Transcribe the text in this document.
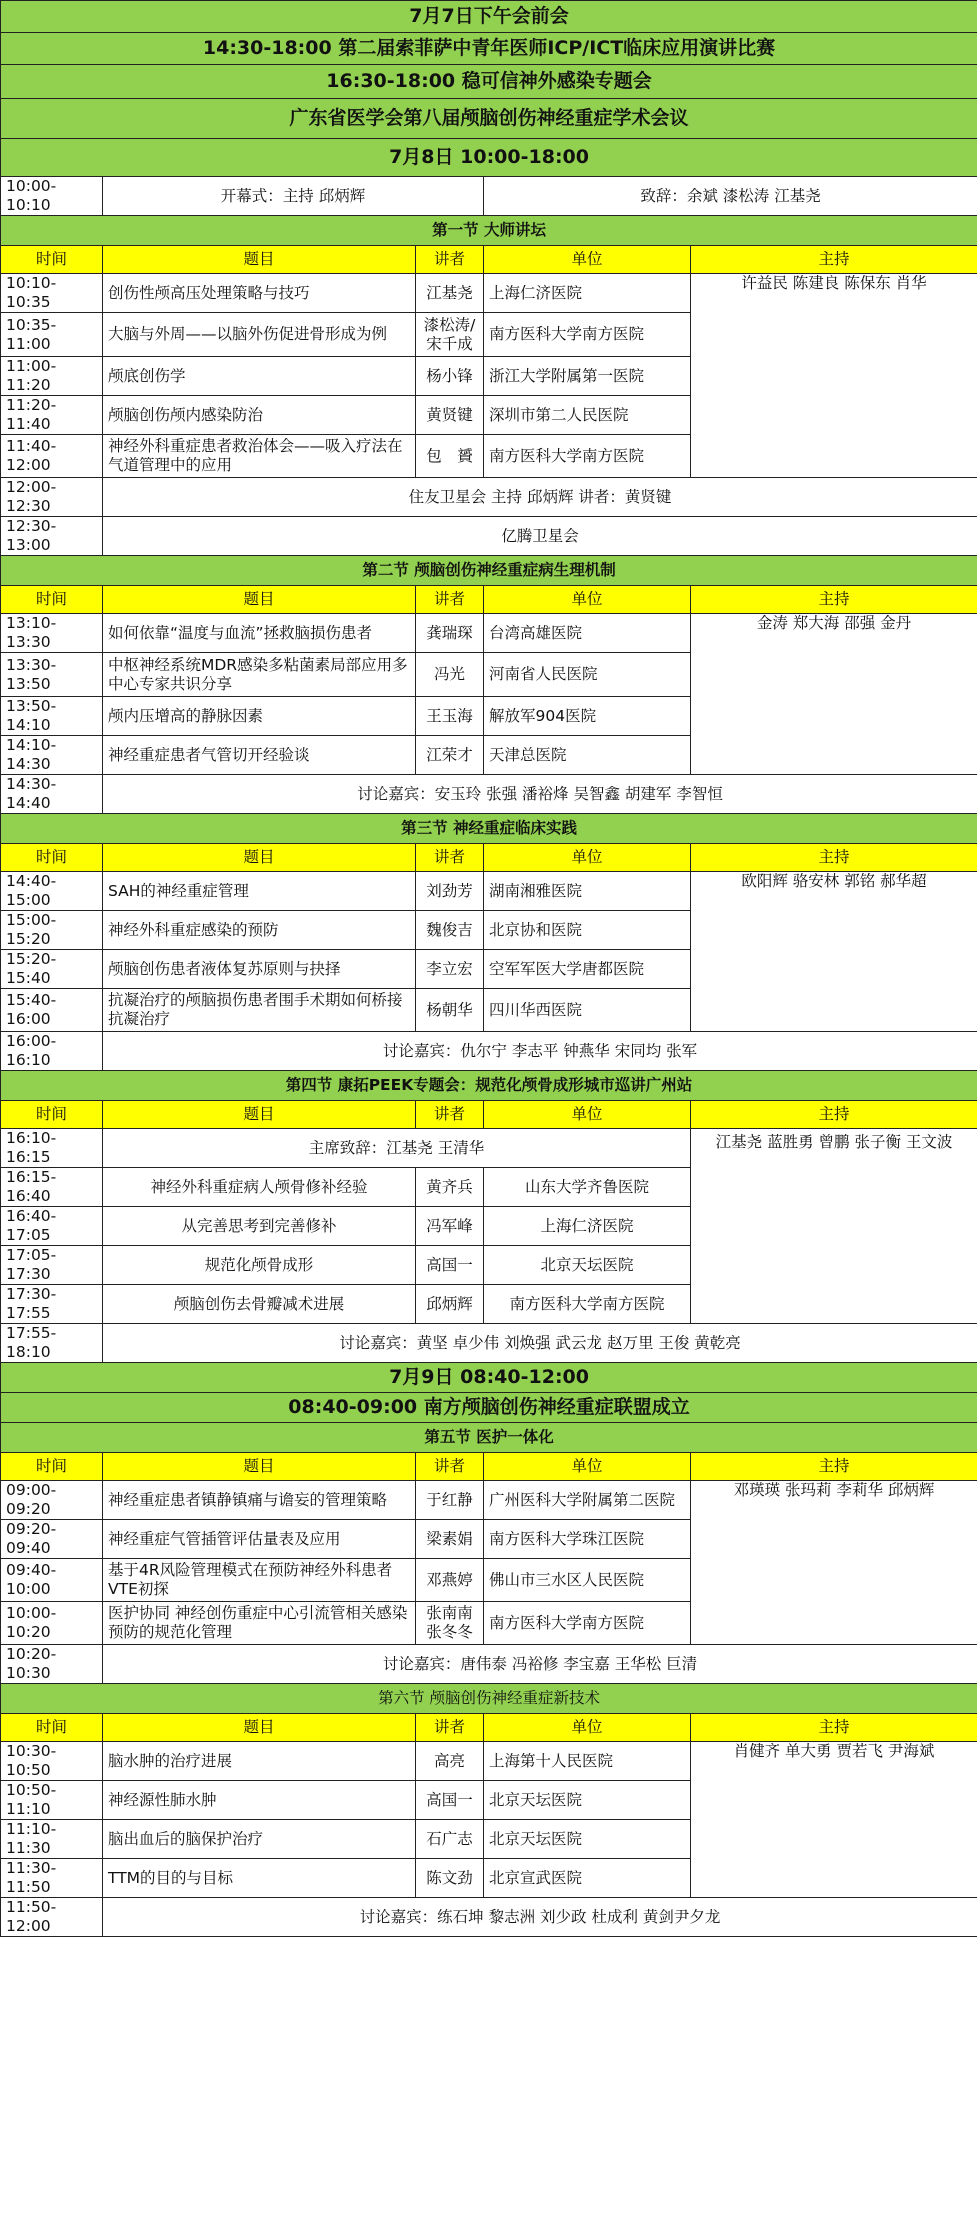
7月7日下午会前会				
14:30-18:00 第二届索菲萨中青年医师ICP/ICT临床应用演讲比赛				
16:30-18:00 稳可信神外感染专题会				
广东省医学会第八届颅脑创伤神经重症学术会议				
7月8日 10:00-18:00				
10:00-10:10	开幕式：主持 邱炳辉		致辞：余斌 漆松涛 江基尧	
第一节 大师讲坛				
时间	题目	讲者	单位	主持
10:10-10:35	创伤性颅高压处理策略与技巧	江基尧	上海仁济医院	许益民 陈建良 陈保东 肖华
10:35-11:00	大脑与外周——以脑外伤促进骨形成为例	漆松涛/
宋千成	南方医科大学南方医院	
11:00-11:20	颅底创伤学	杨小锋	浙江大学附属第一医院	
11:20-11:40	颅脑创伤颅内感染防治	黄贤键	深圳市第二人民医院	
11:40-12:00	神经外科重症患者救治体会——吸入疗法在气道管理中的应用	包　贇	南方医科大学南方医院	
12:00-12:30	住友卫星会 主持 邱炳辉 讲者：黄贤键			
12:30-13:00	亿腾卫星会			
第二节 颅脑创伤神经重症病生理机制				
时间	题目	讲者	单位	主持
13:10-13:30	如何依靠“温度与血流”拯救脑损伤患者	龚瑞琛	台湾高雄医院	金涛 郑大海 邵强 金丹
13:30-13:50	中枢神经系统MDR感染多粘菌素局部应用多中心专家共识分享	冯光	河南省人民医院	
13:50-14:10	颅内压增高的静脉因素	王玉海	解放军904医院	
14:10-14:30	神经重症患者气管切开经验谈	江荣才	天津总医院	
14:30-14:40	讨论嘉宾：安玉玲 张强 潘裕烽 吴智鑫 胡建军 李智恒			
第三节 神经重症临床实践				
时间	题目	讲者	单位	主持
14:40-15:00	SAH的神经重症管理	刘劲芳	湖南湘雅医院	欧阳辉 骆安林 郭铭 郝华超
15:00-15:20	神经外科重症感染的预防	魏俊吉	北京协和医院	
15:20-15:40	颅脑创伤患者液体复苏原则与抉择	李立宏	空军军医大学唐都医院	
15:40-16:00	抗凝治疗的颅脑损伤患者围手术期如何桥接抗凝治疗	杨朝华	四川华西医院	
16:00-16:10	讨论嘉宾：仇尔宁 李志平 钟燕华 宋同均 张军			
第四节 康拓PEEK专题会：规范化颅骨成形城市巡讲广州站				
时间	题目	讲者	单位	主持
16:10-16:15	主席致辞：江基尧 王清华			江基尧 蓝胜勇 曾鹏 张子衡 王文波
16:15-16:40	神经外科重症病人颅骨修补经验	黄齐兵	山东大学齐鲁医院	
16:40-17:05	从完善思考到完善修补	冯军峰	上海仁济医院	
17:05-17:30	规范化颅骨成形	高国一	北京天坛医院	
17:30-17:55	颅脑创伤去骨瓣减术进展	邱炳辉	南方医科大学南方医院	
17:55-18:10	讨论嘉宾：黄坚 卓少伟 刘焕强 武云龙 赵万里 王俊 黄乾亮			
7月9日 08:40-12:00				
08:40-09:00 南方颅脑创伤神经重症联盟成立				
第五节 医护一体化				
时间	题目	讲者	单位	主持
09:00-09:20	神经重症患者镇静镇痛与谵妄的管理策略	于红静	广州医科大学附属第二医院	邓瑛瑛 张玛莉 李莉华 邱炳辉
09:20-09:40	神经重症气管插管评估量表及应用	梁素娟	南方医科大学珠江医院	
09:40-10:00	基于4R风险管理模式在预防神经外科患者VTE初探	邓燕婷	佛山市三水区人民医院	
10:00-10:20	医护协同 神经创伤重症中心引流管相关感染预防的规范化管理	张南南
张冬冬	南方医科大学南方医院	
10:20-10:30	讨论嘉宾：唐伟泰 冯裕修 李宝嘉 王华松 巨清			
第六节 颅脑创伤神经重症新技术				
时间	题目	讲者	单位	主持
10:30-10:50	脑水肿的治疗进展	高亮	上海第十人民医院	肖健齐 单大勇 贾若飞 尹海斌
10:50-11:10	神经源性肺水肿	高国一	北京天坛医院	
11:10-11:30	脑出血后的脑保护治疗	石广志	北京天坛医院	
11:30-11:50	TTM的目的与目标	陈文劲	北京宣武医院	
11:50-12:00	讨论嘉宾：练石坤 黎志洲 刘少政 杜成利 黄剑尹夕龙			
